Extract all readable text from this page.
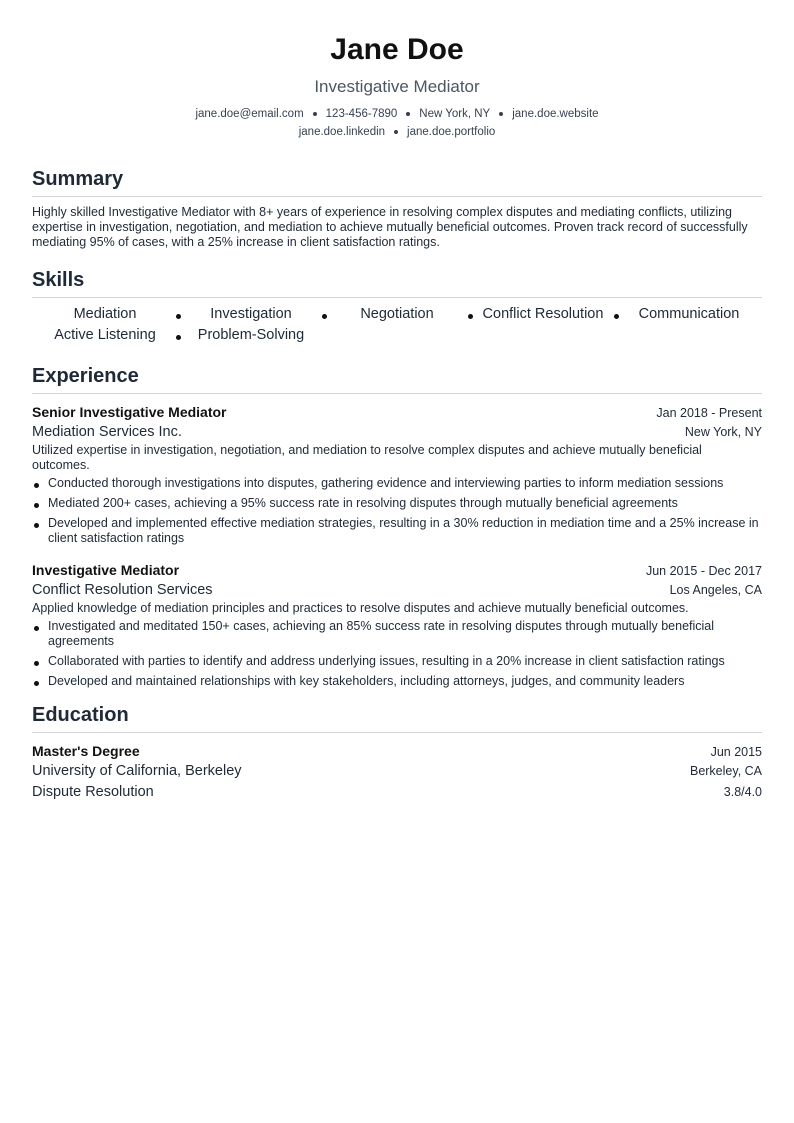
Jane Doe
Investigative Mediator
jane.doe@email.com 123-456-7890 New York, NY jane.doe.website
jane.doe.linkedin jane.doe.portfolio
Summary

Highly skilled Investigative Mediator with 8+ years of experience in resolving complex disputes and mediating conflicts, utilizing expertise in investigation, negotiation, and mediation to achieve mutually beneficial outcomes. Proven track record of successfully mediating 95% of cases, with a 25% increase in client satisfaction ratings.

Skills
Mediation	Investigation	Negotiation	Conflict Resolution	Communication
Active Listening	Problem-Solving
Experience
Senior Investigative Mediator	Jan 2018 - Present
Mediation Services Inc.	New York, NY
Utilized expertise in investigation, negotiation, and mediation to resolve complex disputes and achieve mutually beneficial outcomes.
Conducted thorough investigations into disputes, gathering evidence and interviewing parties to inform mediation sessions
Mediated 200+ cases, achieving a 95% success rate in resolving disputes through mutually beneficial agreements
Developed and implemented effective mediation strategies, resulting in a 30% reduction in mediation time and a 25% increase in client satisfaction ratings
Investigative Mediator	Jun 2015 - Dec 2017
Conflict Resolution Services	Los Angeles, CA
Applied knowledge of mediation principles and practices to resolve disputes and achieve mutually beneficial outcomes.
Investigated and meditated 150+ cases, achieving an 85% success rate in resolving disputes through mutually beneficial agreements
Collaborated with parties to identify and address underlying issues, resulting in a 20% increase in client satisfaction ratings
Developed and maintained relationships with key stakeholders, including attorneys, judges, and community leaders
Education
Master's Degree	Jun 2015
University of California, Berkeley	Berkeley, CA
Dispute Resolution	3.8/4.0
